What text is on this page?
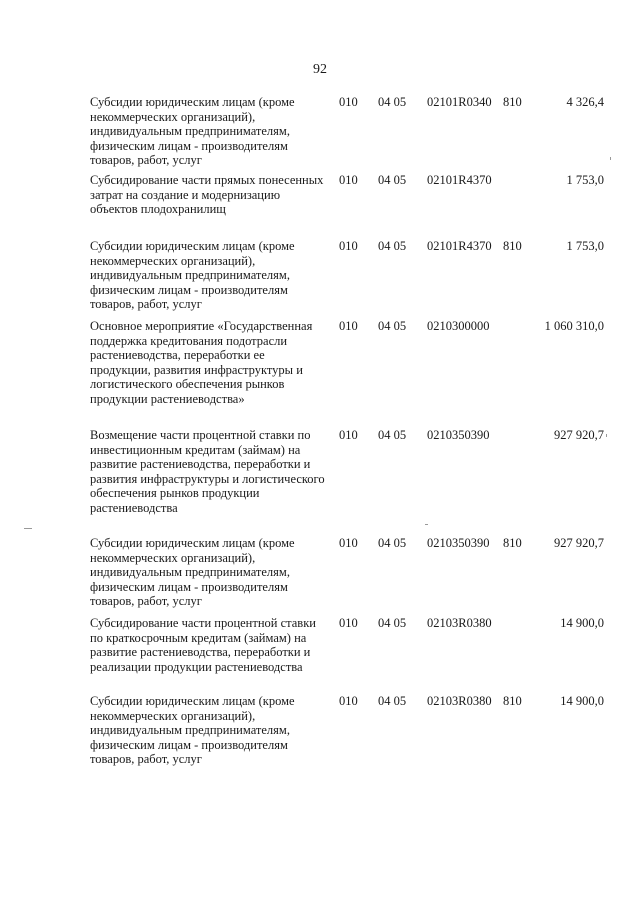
92
Субсидии юридическим лицам (кроме некоммерческих организаций), индивидуальным предпринимателям, физическим лицам - производителям товаров, работ, услуг
010 04 05 02101R0340 810	4 326,4
Субсидирование части прямых понесенных затрат на создание и модернизацию объектов плодохранилищ
010 04 05 02101R4370	1 753,0
Субсидии юридическим лицам (кроме некоммерческих организаций), индивидуальным предпринимателям, физическим лицам - производителям товаров, работ, услуг
010 04 05 02101R4370 810	1 753,0
Основное мероприятие «Государственная поддержка кредитования подотрасли растениеводства, переработки ее продукции, развития инфраструктуры и логистического обеспечения рынков продукции растениеводства»
010 04 05 0210300000	1 060 310,0
Возмещение части процентной ставки по инвестиционным кредитам (займам) на развитие растениеводства, переработки и развития инфраструктуры и логистического обеспечения рынков продукции растениеводства
010 04 05 0210350390	927 920,7
Субсидии юридическим лицам (кроме некоммерческих организаций), индивидуальным предпринимателям, физическим лицам - производителям товаров, работ, услуг
010 04 05 0210350390 810	927 920,7
Субсидирование части процентной ставки по краткосрочным кредитам (займам) на развитие растениеводства, переработки и реализации продукции растениеводства
010 04 05 02103R0380	14 900,0
Субсидии юридическим лицам (кроме некоммерческих организаций), индивидуальным предпринимателям, физическим лицам - производителям товаров, работ, услуг
010 04 05 02103R0380 810	14 900,0
